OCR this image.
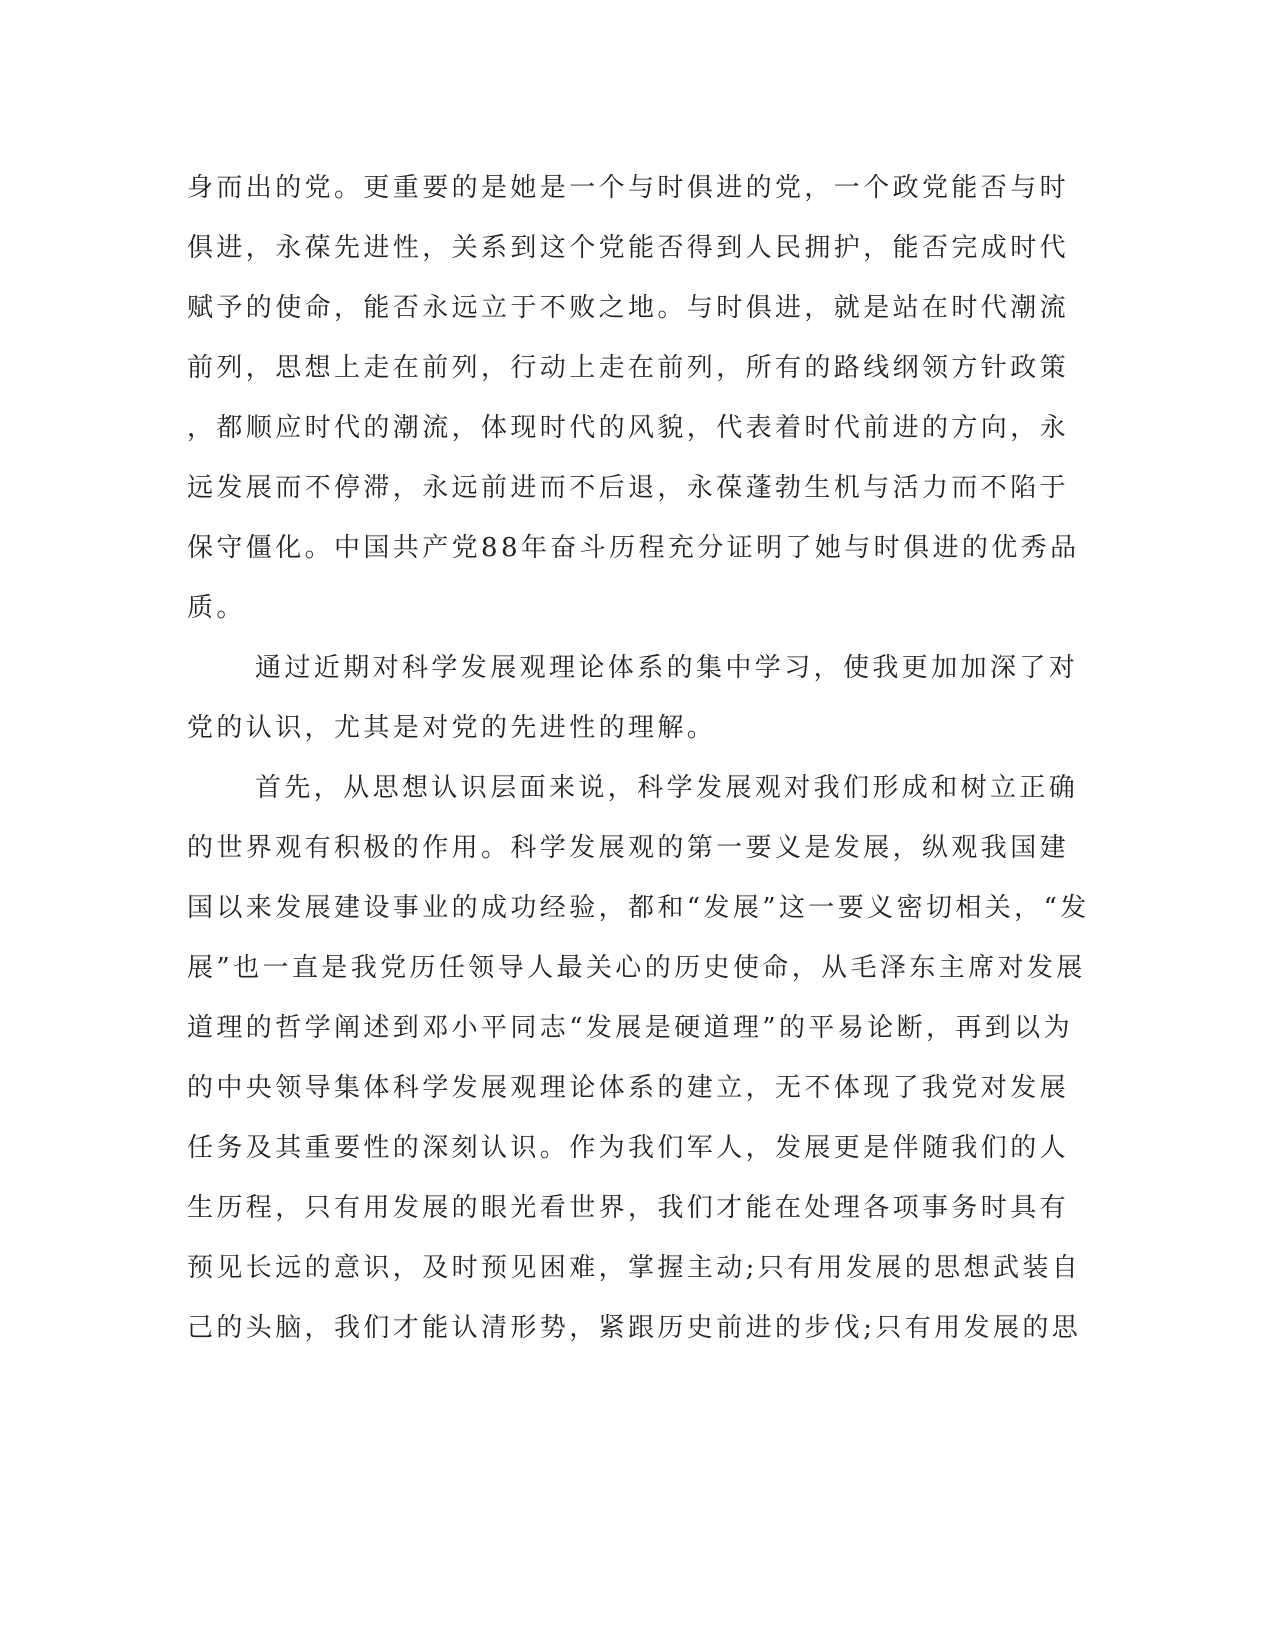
身而出的党。更重要的是她是一个与时俱进的党，一个政党能否与时
俱进，永葆先进性，关系到这个党能否得到人民拥护，能否完成时代
赋予的使命，能否永远立于不败之地。与时俱进，就是站在时代潮流
前列，思想上走在前列，行动上走在前列，所有的路线纲领方针政策
，都顺应时代的潮流，体现时代的风貌，代表着时代前进的方向，永
远发展而不停滞，永远前进而不后退，永葆蓬勃生机与活力而不陷于
保守僵化。中国共产党88年奋斗历程充分证明了她与时俱进的优秀品
质。
通过近期对科学发展观理论体系的集中学习，使我更加加深了对
党的认识，尤其是对党的先进性的理解。
首先，从思想认识层面来说，科学发展观对我们形成和树立正确
的世界观有积极的作用。科学发展观的第一要义是发展，纵观我国建
国以来发展建设事业的成功经验，都和“发展”这一要义密切相关，“发
展”也一直是我党历任领导人最关心的历史使命，从毛泽东主席对发展
道理的哲学阐述到邓小平同志“发展是硬道理”的平易论断，再到以为
的中央领导集体科学发展观理论体系的建立，无不体现了我党对发展
任务及其重要性的深刻认识。作为我们军人，发展更是伴随我们的人
生历程，只有用发展的眼光看世界，我们才能在处理各项事务时具有
预见长远的意识，及时预见困难，掌握主动;只有用发展的思想武装自
己的头脑，我们才能认清形势，紧跟历史前进的步伐;只有用发展的思
